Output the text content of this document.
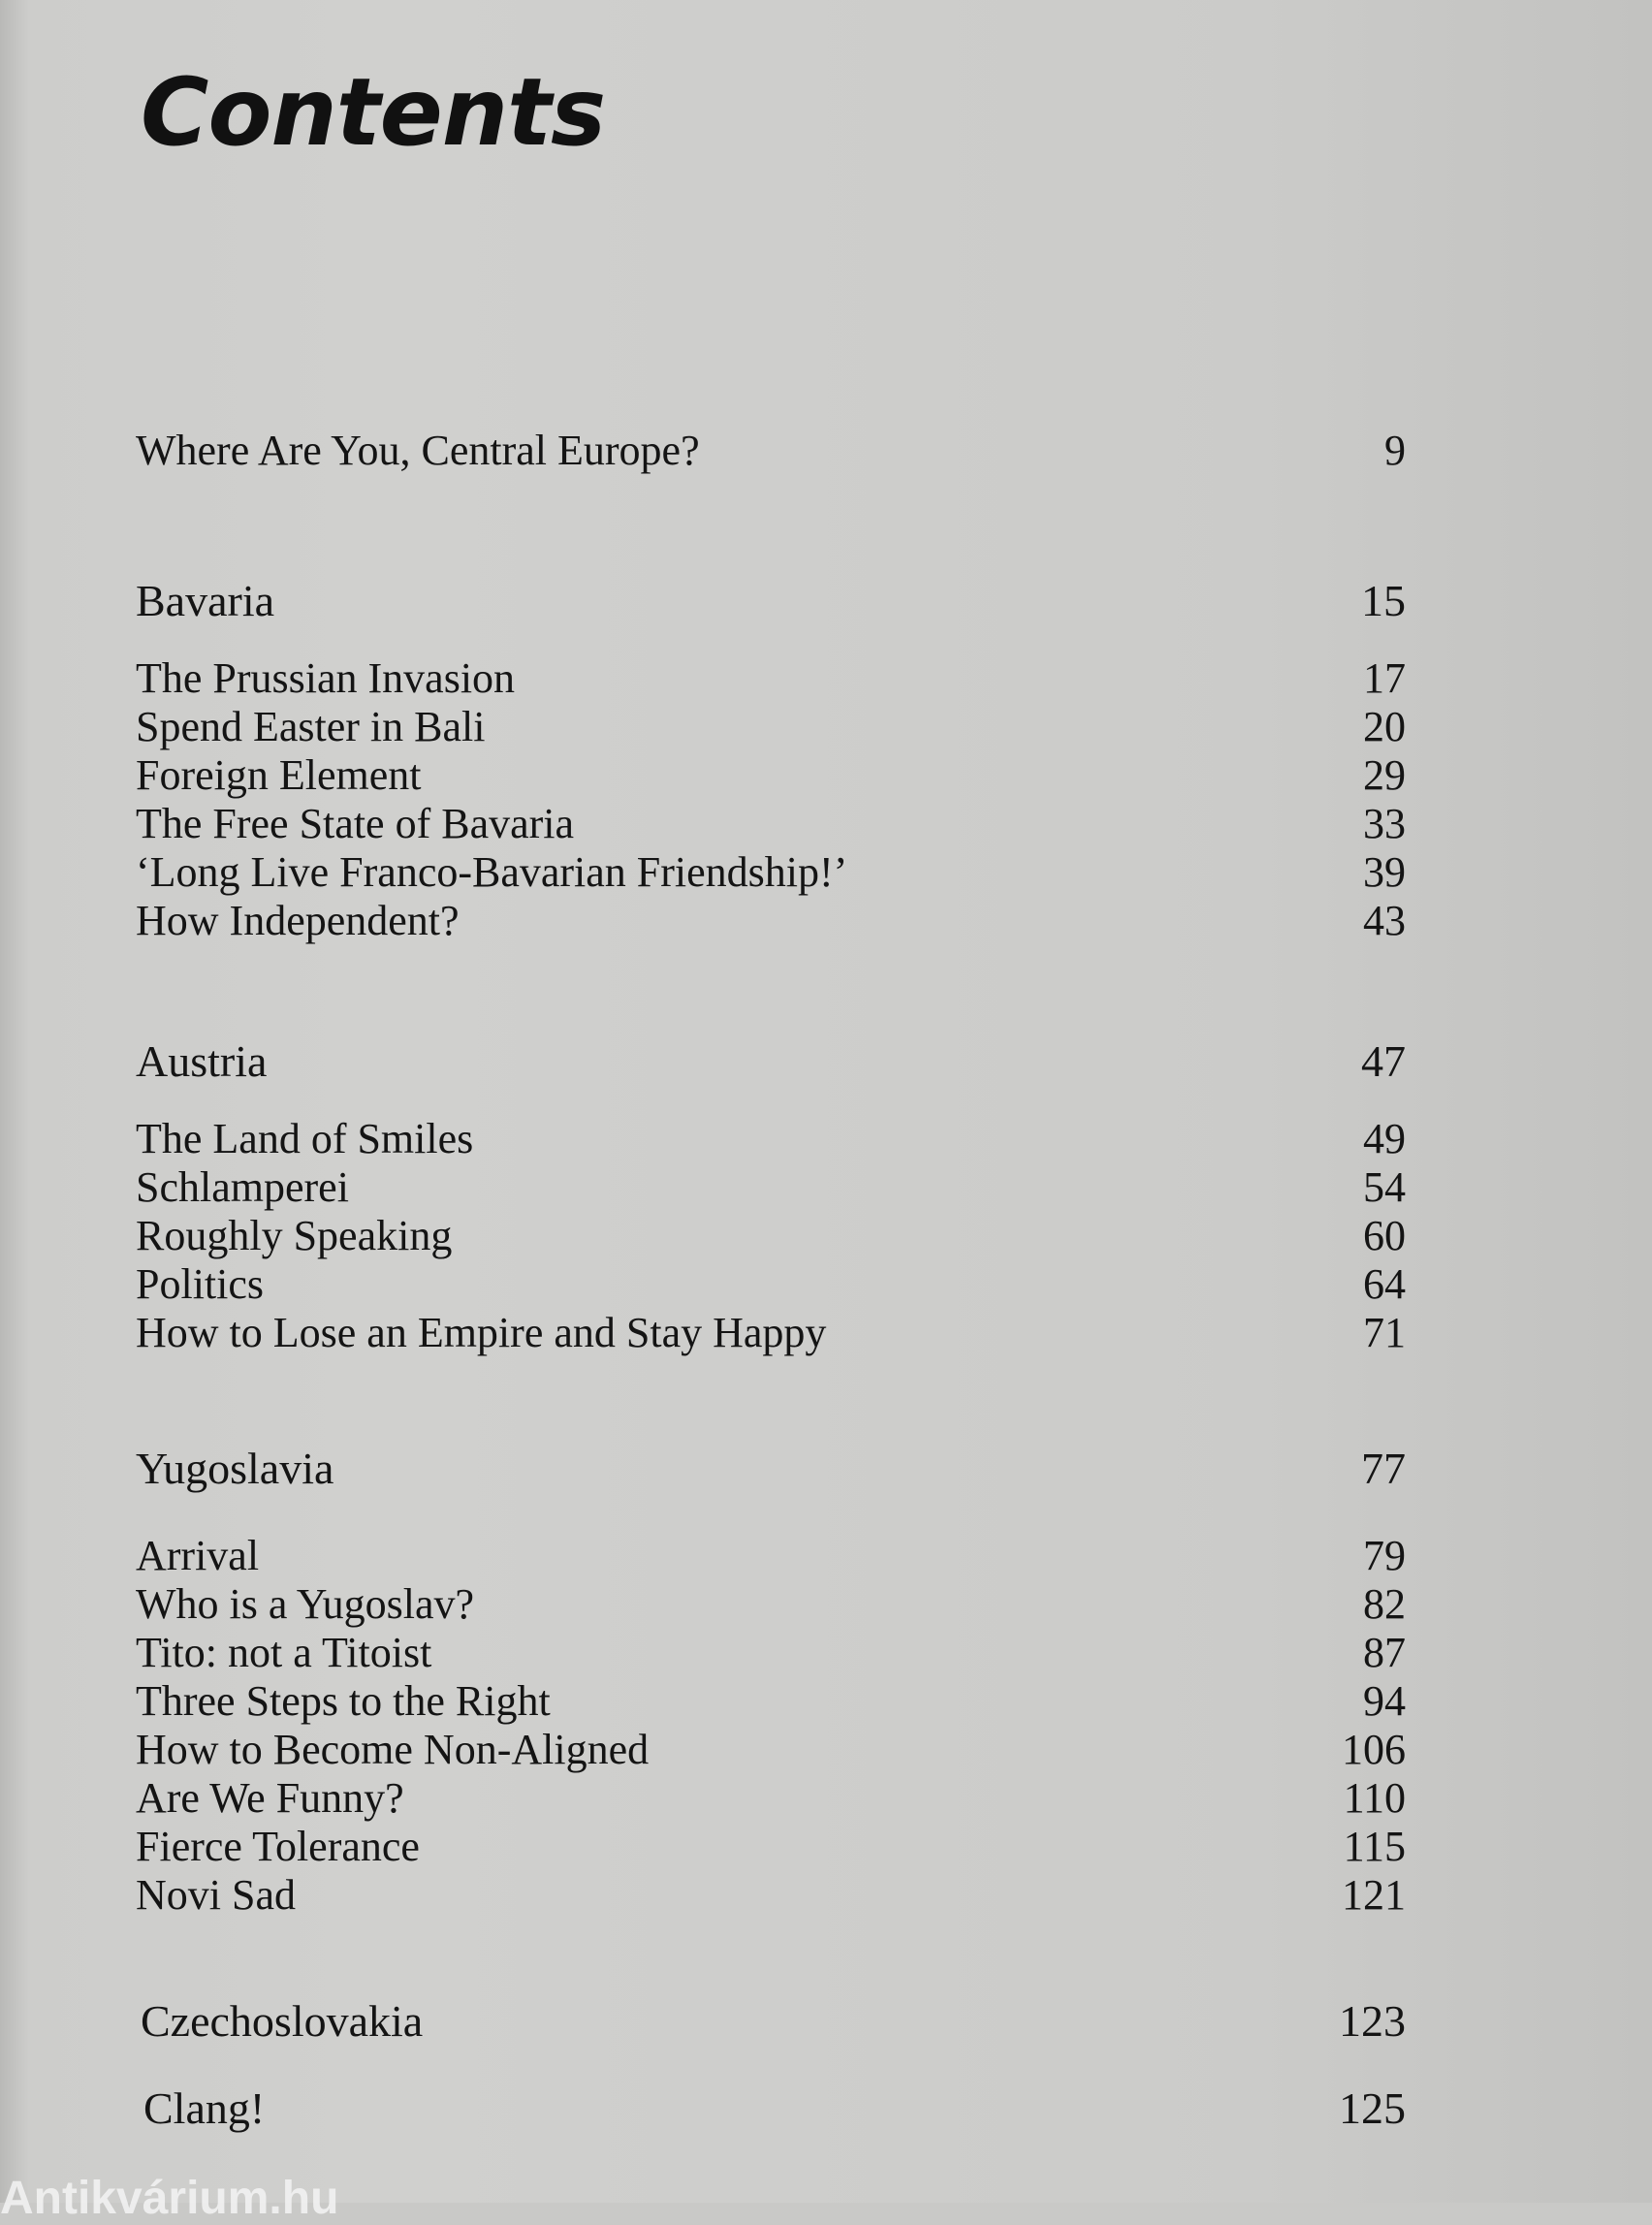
Contents
Where Are You, Central Europe?	9
Bavaria	15
The Prussian Invasion	17
Spend Easter in Bali	20
Foreign Element	29
The Free State of Bavaria	33
‘Long Live Franco-Bavarian Friendship!’	39
How Independent?	43
Austria	47
The Land of Smiles	49
Schlamperei	54
Roughly Speaking	60
Politics	64
How to Lose an Empire and Stay Happy	71
Yugoslavia	77
Arrival	79
Who is a Yugoslav?	82
Tito: not a Titoist	87
Three Steps to the Right	94
How to Become Non-Aligned	106
Are We Funny?	110
Fierce Tolerance	115
Novi Sad	121
Czechoslovakia	123
Clang!	125
Antikvárium.hu
